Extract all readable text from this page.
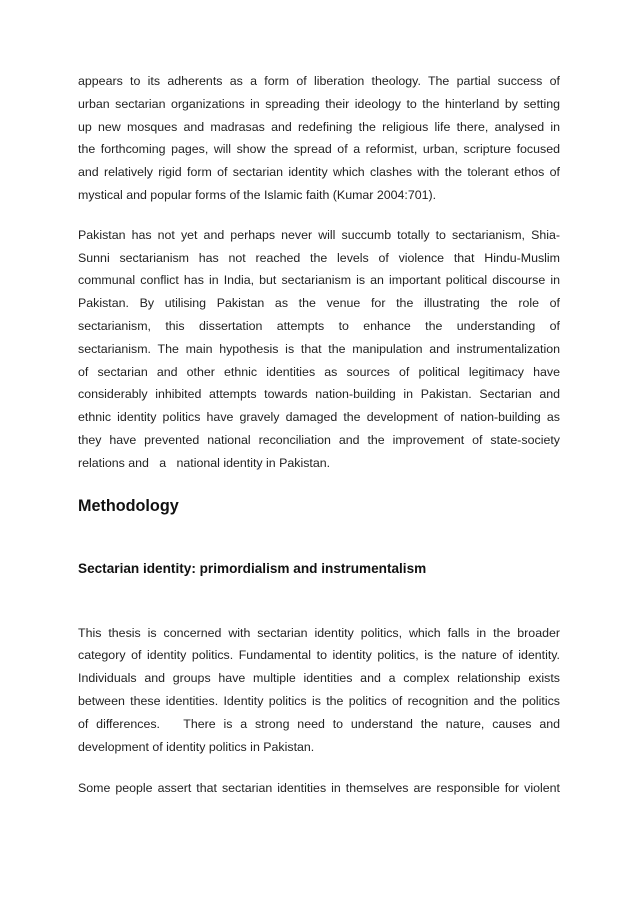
appears to its adherents as a form of liberation theology. The partial success of
urban sectarian organizations in spreading their ideology to the hinterland by setting
up new mosques and madrasas and redefining the religious life there, analysed in
the forthcoming pages, will show the spread of a reformist, urban, scripture focused
and relatively rigid form of sectarian identity which clashes with the tolerant ethos of
mystical and popular forms of the Islamic faith (Kumar 2004:701).

Pakistan has not yet and perhaps never will succumb totally to sectarianism, Shia-
Sunni sectarianism has not reached the levels of violence that Hindu-Muslim
communal conflict has in India, but sectarianism is an important political discourse in
Pakistan. By utilising Pakistan as the venue for the illustrating the role of
sectarianism, this dissertation attempts to enhance the understanding of
sectarianism. The main hypothesis is that the manipulation and instrumentalization
of sectarian and other ethnic identities as sources of political legitimacy have
considerably inhibited attempts towards nation-building in Pakistan. Sectarian and
ethnic identity politics have gravely damaged the development of nation-building as
they have prevented national reconciliation and the improvement of state-society
relations and   a   national identity in Pakistan.

Methodology
Sectarian identity: primordialism and instrumentalism

This thesis is concerned with sectarian identity politics, which falls in the broader
category of identity politics. Fundamental to identity politics, is the nature of identity.
Individuals and groups have multiple identities and a complex relationship exists
between these identities. Identity politics is the politics of recognition and the politics
of differences.   There is a strong need to understand the nature, causes and
development of identity politics in Pakistan.

Some people assert that sectarian identities in themselves are responsible for violent
